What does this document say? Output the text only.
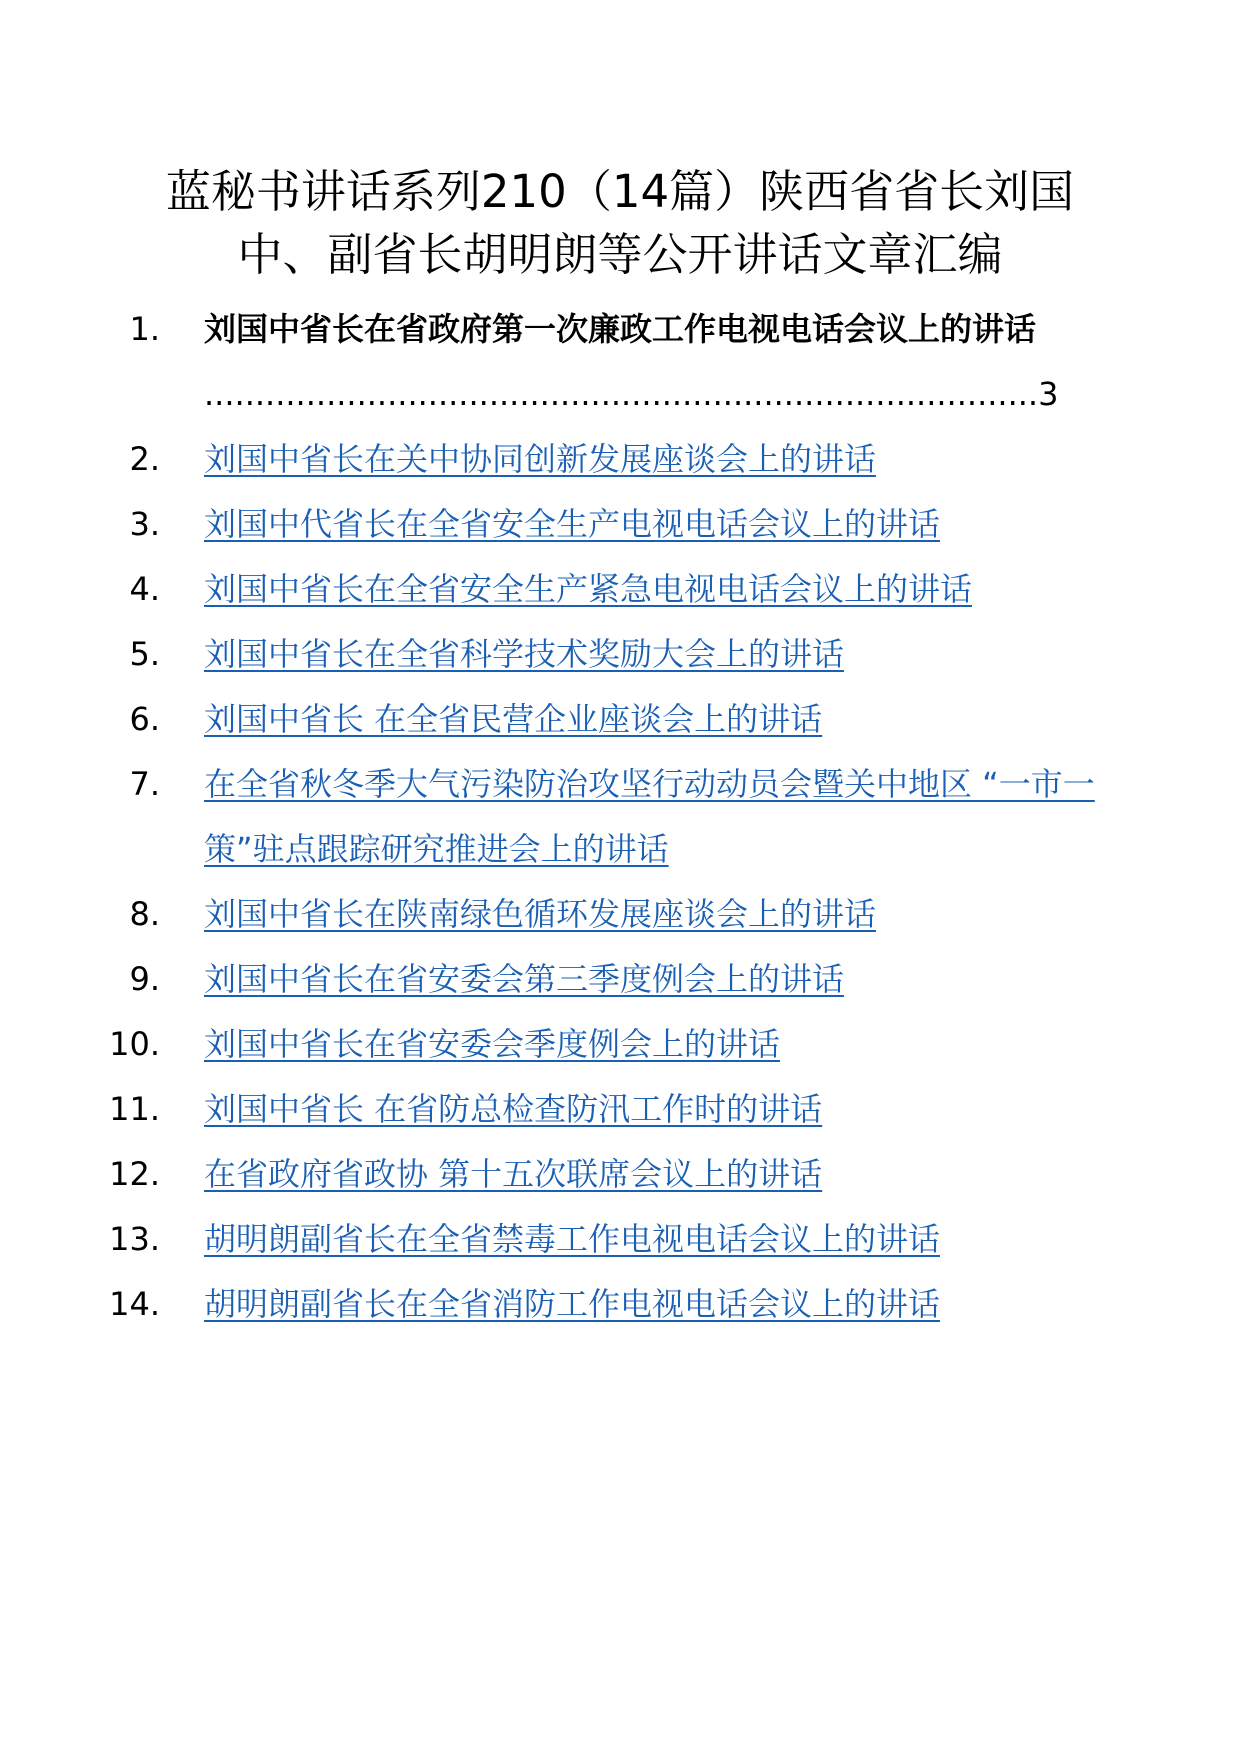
蓝秘书讲话系列210（14篇）陕西省省长刘国中、副省长胡明朗等公开讲话文章汇编
1. 刘国中省长在省政府第一次廉政工作电视电话会议上的讲话
..................................................................................3
2. 刘国中省长在关中协同创新发展座谈会上的讲话
3. 刘国中代省长在全省安全生产电视电话会议上的讲话
4. 刘国中省长在全省安全生产紧急电视电话会议上的讲话
5. 刘国中省长在全省科学技术奖励大会上的讲话
6. 刘国中省长 在全省民营企业座谈会上的讲话
7. 在全省秋冬季大气污染防治攻坚行动动员会暨关中地区 “一市一策”驻点跟踪研究推进会上的讲话
8. 刘国中省长在陕南绿色循环发展座谈会上的讲话
9. 刘国中省长在省安委会第三季度例会上的讲话
10. 刘国中省长在省安委会季度例会上的讲话
11. 刘国中省长 在省防总检查防汛工作时的讲话
12. 在省政府省政协 第十五次联席会议上的讲话
13. 胡明朗副省长在全省禁毒工作电视电话会议上的讲话
14. 胡明朗副省长在全省消防工作电视电话会议上的讲话
